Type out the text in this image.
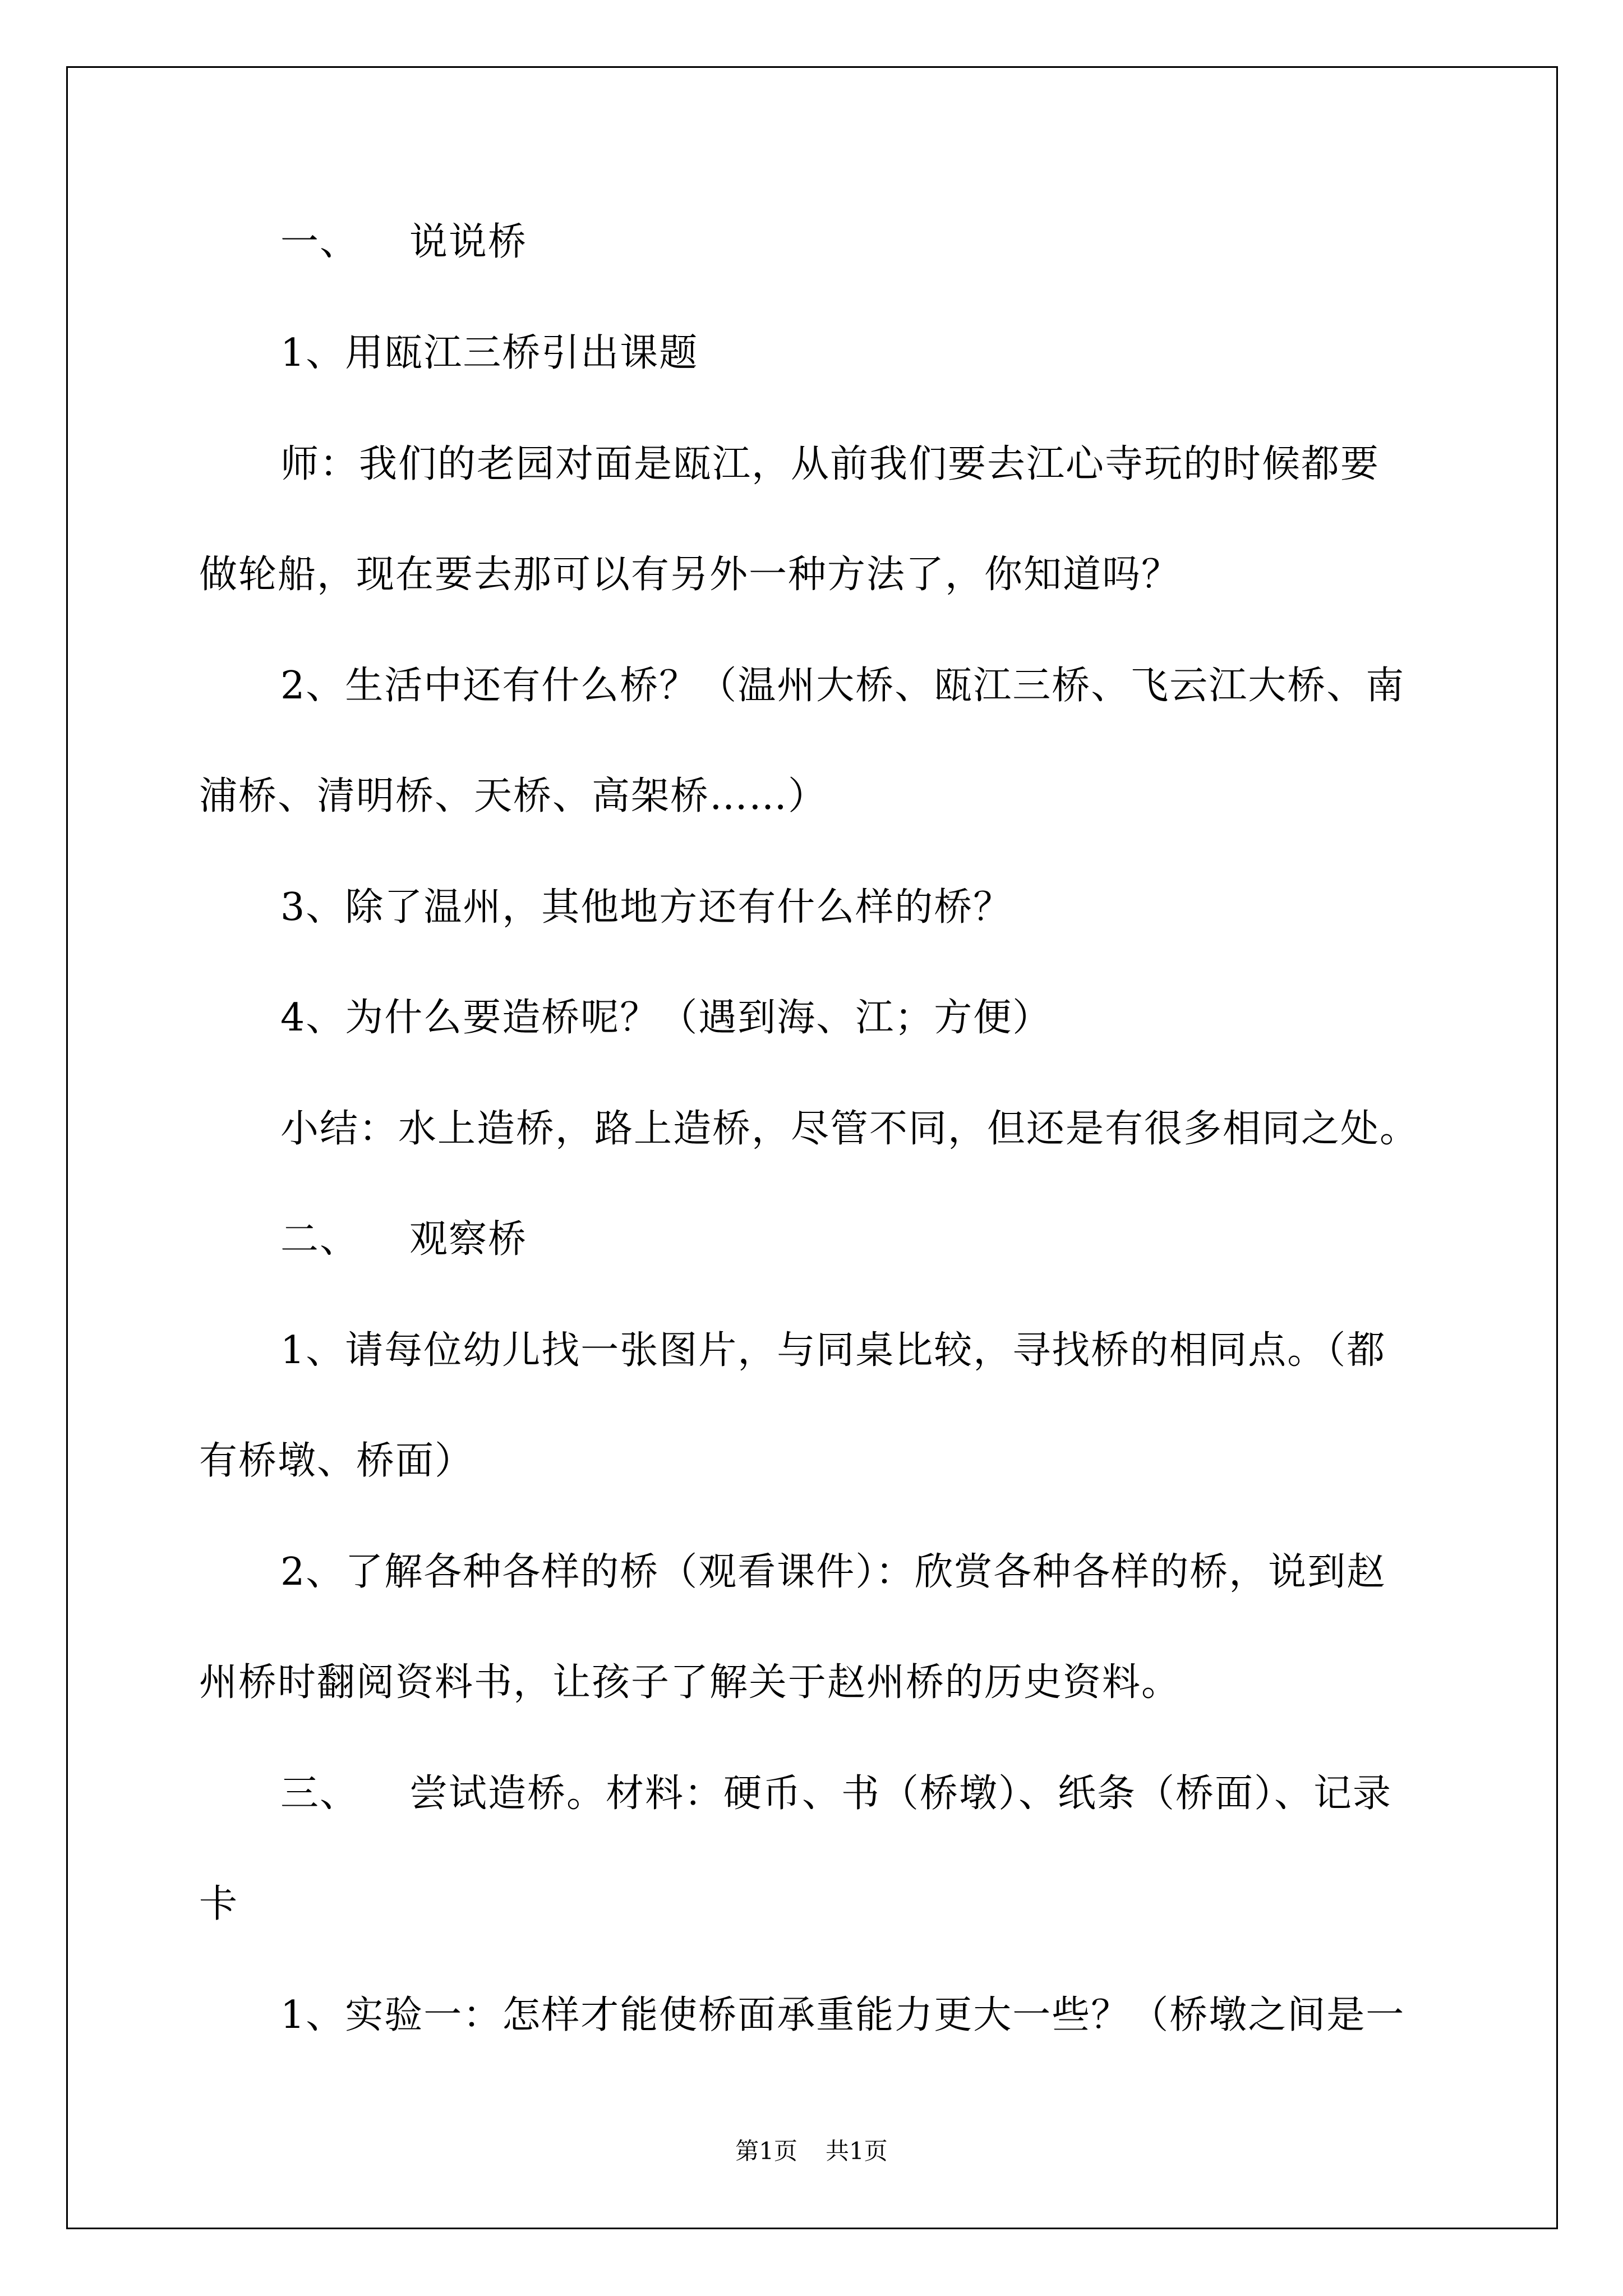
一、 说说桥
1、用瓯江三桥引出课题
师：我们的老园对面是瓯江，从前我们要去江心寺玩的时候都要
做轮船，现在要去那可以有另外一种方法了，你知道吗？
2、生活中还有什么桥？（温州大桥、瓯江三桥、飞云江大桥、南
浦桥、清明桥、天桥、高架桥……）
3、除了温州，其他地方还有什么样的桥？
4、为什么要造桥呢？（遇到海、江；方便）
小结：水上造桥，路上造桥，尽管不同，但还是有很多相同之处。
二、 观察桥
1、请每位幼儿找一张图片，与同桌比较，寻找桥的相同点。（都
有桥墩、桥面）
2、了解各种各样的桥（观看课件）：欣赏各种各样的桥，说到赵
州桥时翻阅资料书，让孩子了解关于赵州桥的历史资料。
三、 尝试造桥。材料：硬币、书（桥墩）、纸条（桥面）、记录
卡
1、实验一：怎样才能使桥面承重能力更大一些？（桥墩之间是一
第1页 共1页
